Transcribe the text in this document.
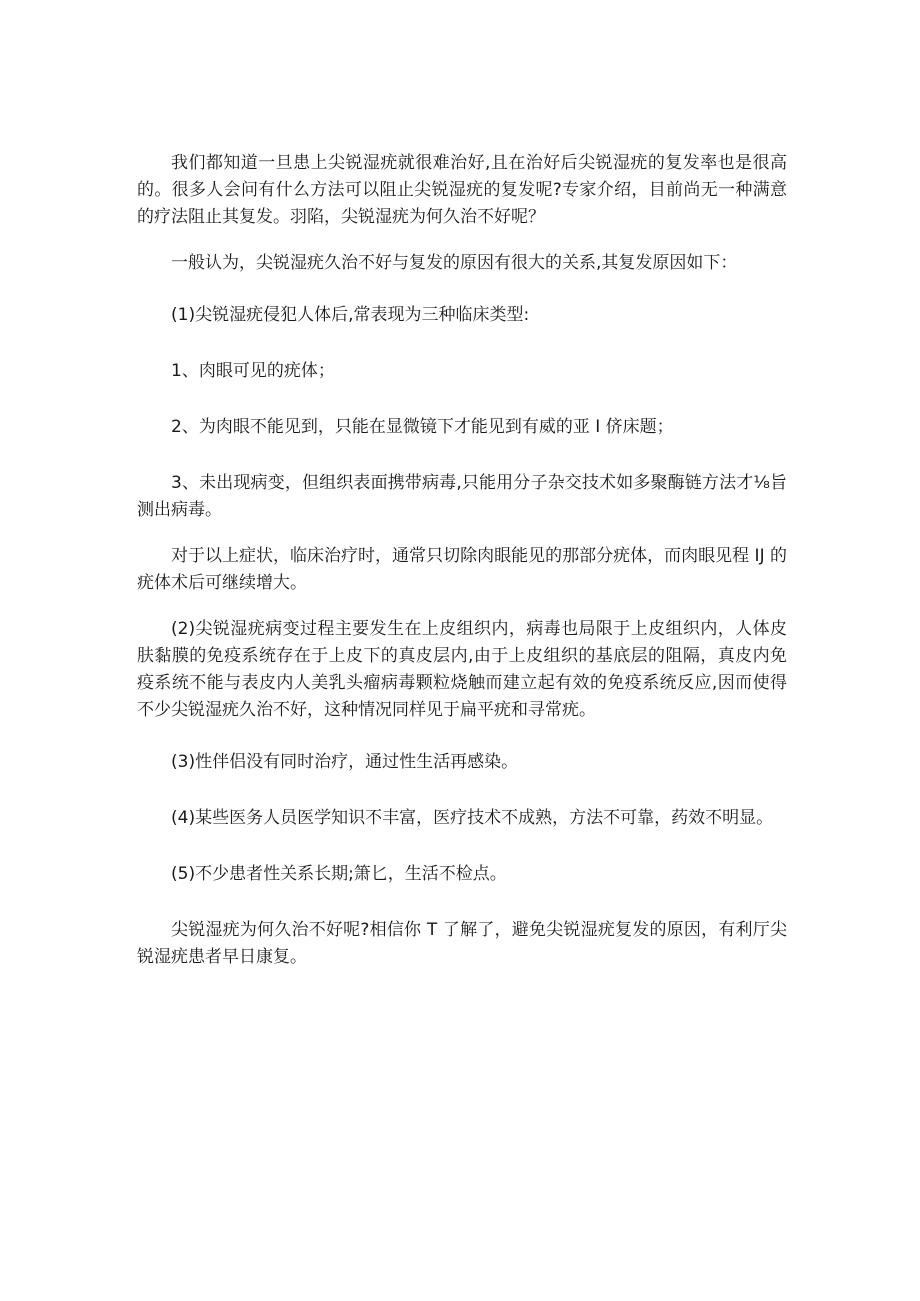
我们都知道一旦患上尖锐湿疣就很难治好,且在治好后尖锐湿疣的复发率也是很高的。很多人会问有什么方法可以阻止尖锐湿疣的复发呢?专家介绍，目前尚无一种满意的疗法阻止其复发。羽陷，尖锐湿疣为何久治不好呢？

一般认为，尖锐湿疣久治不好与复发的原因有很大的关系,其复发原因如下：

(1)尖锐湿疣侵犯人体后,常表现为三种临床类型:

1、肉眼可见的疣体；

2、为肉眼不能见到，只能在显微镜下才能见到有威的亚 I 侪床题；

3、未出现病变，但组织表面携带病毒,只能用分子杂交技术如多聚酶链方法才⅛旨测出病毒。

对于以上症状，临床治疗时，通常只切除肉眼能见的那部分疣体，而肉眼见程 IJ 的疣体术后可继续增大。

(2)尖锐湿疣病变过程主要发生在上皮组织内，病毒也局限于上皮组织内，人体皮肤黏膜的免疫系统存在于上皮下的真皮层内,由于上皮组织的基底层的阻隔，真皮内免疫系统不能与表皮内人美乳头瘤病毒颗粒烧触而建立起有效的免疫系统反应,因而使得不少尖锐湿疣久治不好，这种情况同样见于扁平疣和寻常疣。

(3)性伴侣没有同时治疗，通过性生活再感染。

(4)某些医务人员医学知识不丰富，医疗技术不成熟，方法不可靠，药效不明显。

(5)不少患者性关系长期;箫匕，生活不检点。

尖锐湿疣为何久治不好呢?相信你 T 了解了，避免尖锐湿疣复发的原因，有利厅尖锐湿疣患者早日康复。
